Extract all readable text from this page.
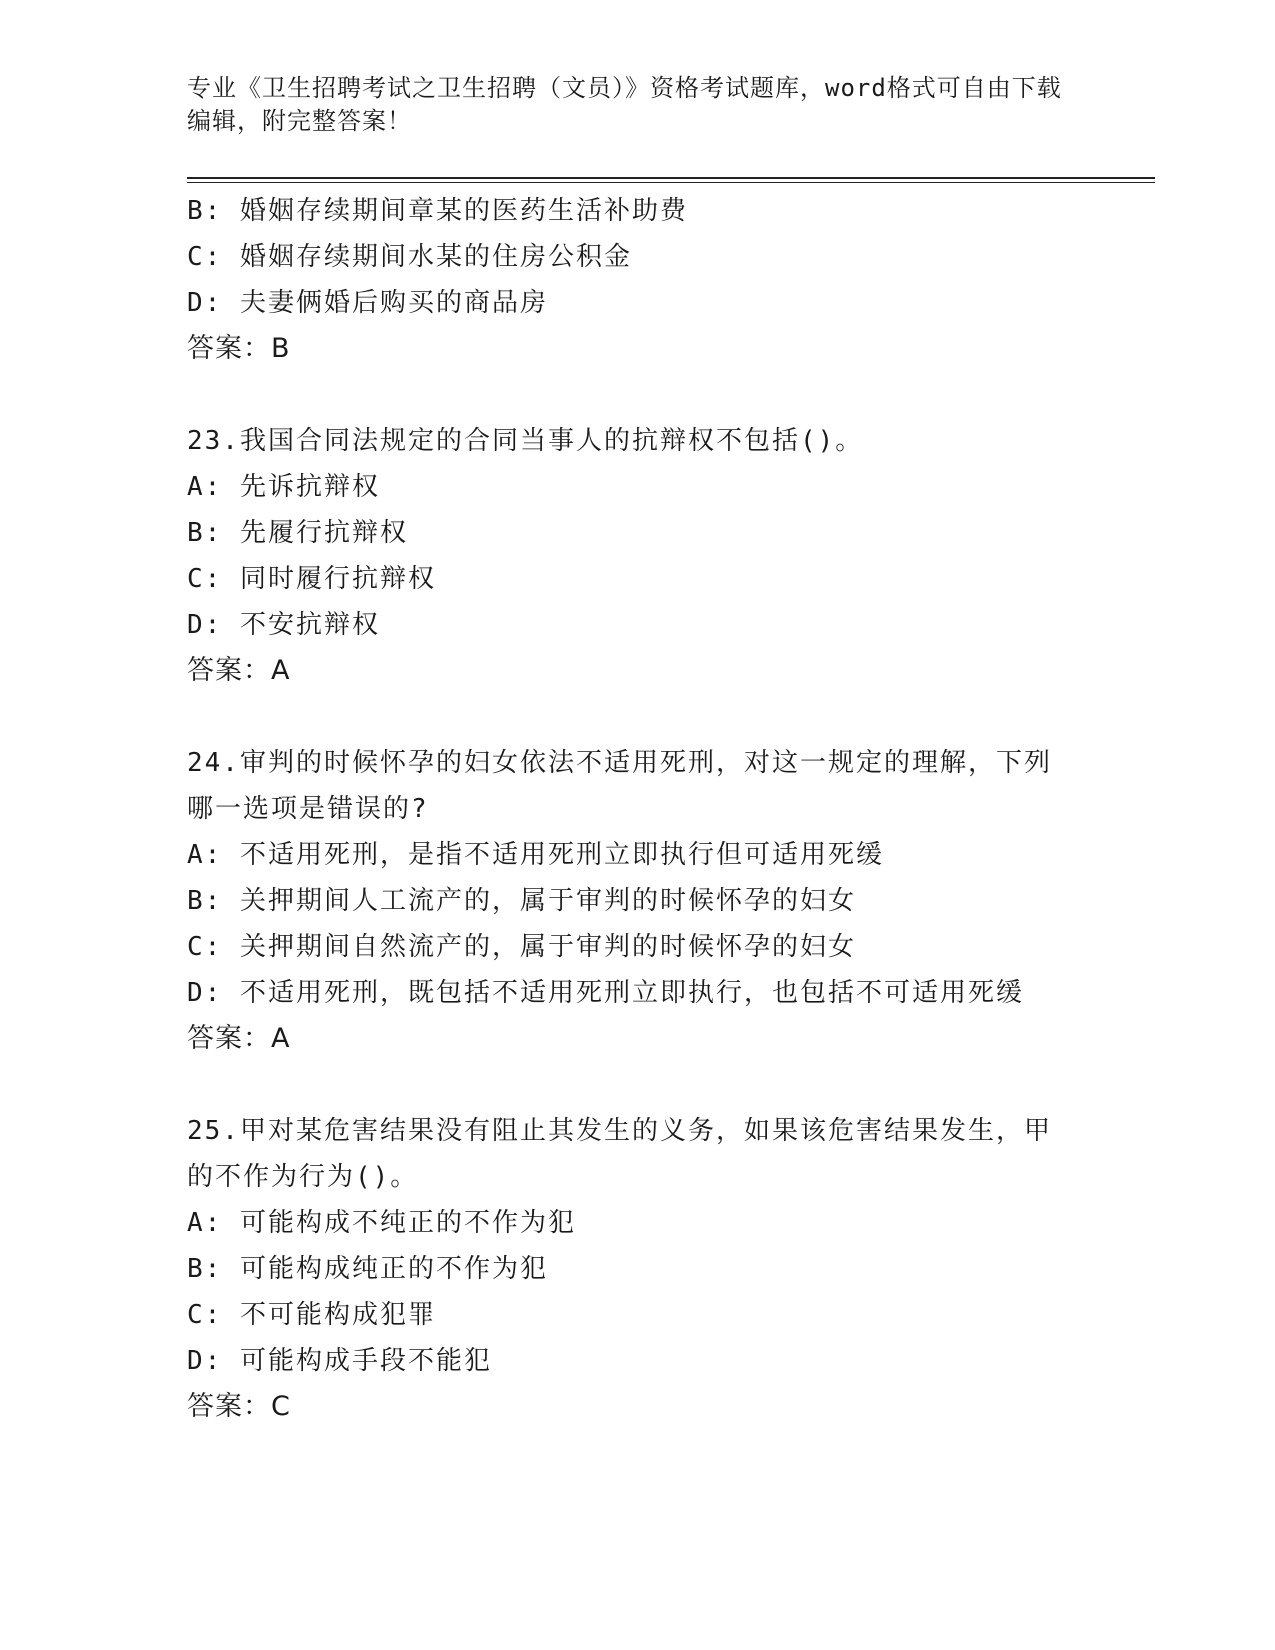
专业《卫生招聘考试之卫生招聘（文员）》资格考试题库，word格式可自由下载
编辑，附完整答案！
B: 婚姻存续期间章某的医药生活补助费
C: 婚姻存续期间水某的住房公积金
D: 夫妻俩婚后购买的商品房
答案：B
23.我国合同法规定的合同当事人的抗辩权不包括()。
A: 先诉抗辩权
B: 先履行抗辩权
C: 同时履行抗辩权
D: 不安抗辩权
答案：A
24.审判的时候怀孕的妇女依法不适用死刑，对这一规定的理解，下列
哪一选项是错误的?
A: 不适用死刑，是指不适用死刑立即执行但可适用死缓
B: 关押期间人工流产的，属于审判的时候怀孕的妇女
C: 关押期间自然流产的，属于审判的时候怀孕的妇女
D: 不适用死刑，既包括不适用死刑立即执行，也包括不可适用死缓
答案：A
25.甲对某危害结果没有阻止其发生的义务，如果该危害结果发生，甲
的不作为行为()。
A: 可能构成不纯正的不作为犯
B: 可能构成纯正的不作为犯
C: 不可能构成犯罪
D: 可能构成手段不能犯
答案：C
